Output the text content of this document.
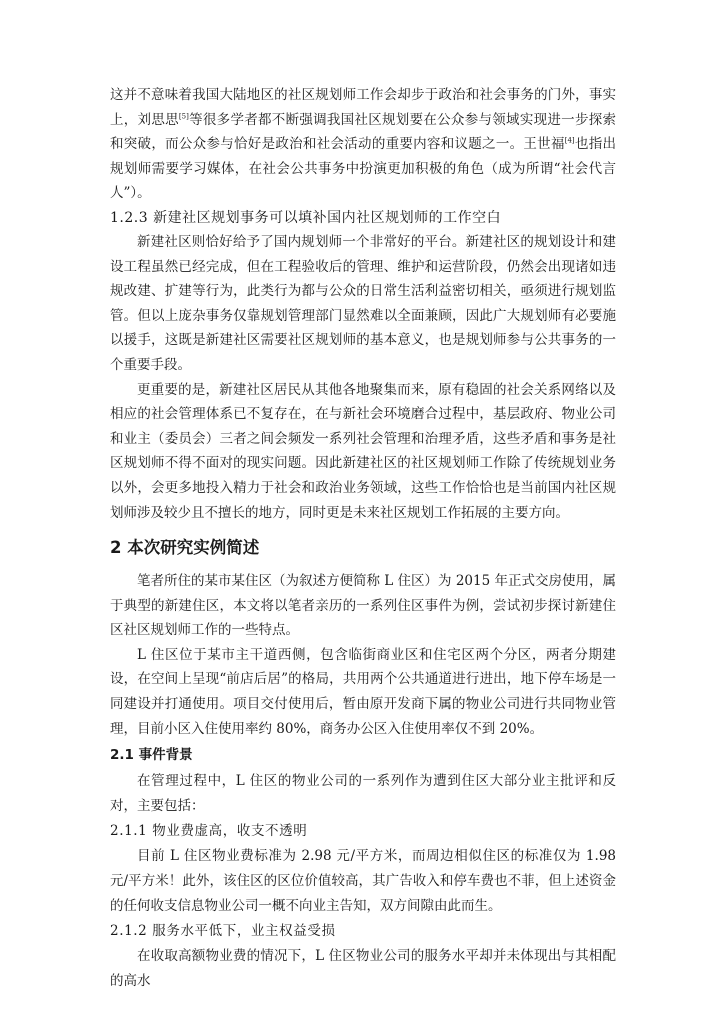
这并不意味着我国大陆地区的社区规划师工作会却步于政治和社会事务的门外，事实上，刘思思[5]等很多学者都不断强调我国社区规划要在公众参与领域实现进一步探索和突破，而公众参与恰好是政治和社会活动的重要内容和议题之一。王世福[4]也指出规划师需要学习媒体，在社会公共事务中扮演更加积极的角色（成为所谓“社会代言人”）。

1.2.3 新建社区规划事务可以填补国内社区规划师的工作空白

新建社区则恰好给予了国内规划师一个非常好的平台。新建社区的规划设计和建设工程虽然已经完成，但在工程验收后的管理、维护和运营阶段，仍然会出现诸如违规改建、扩建等行为，此类行为都与公众的日常生活利益密切相关，亟须进行规划监管。但以上庞杂事务仅靠规划管理部门显然难以全面兼顾，因此广大规划师有必要施以援手，这既是新建社区需要社区规划师的基本意义，也是规划师参与公共事务的一个重要手段。

更重要的是，新建社区居民从其他各地聚集而来，原有稳固的社会关系网络以及相应的社会管理体系已不复存在，在与新社会环境磨合过程中，基层政府、物业公司和业主（委员会）三者之间会频发一系列社会管理和治理矛盾，这些矛盾和事务是社区规划师不得不面对的现实问题。因此新建社区的社区规划师工作除了传统规划业务以外，会更多地投入精力于社会和政治业务领域，这些工作恰恰也是当前国内社区规划师涉及较少且不擅长的地方，同时更是未来社区规划工作拓展的主要方向。

2 本次研究实例简述

笔者所住的某市某住区（为叙述方便简称 L 住区）为 2015 年正式交房使用，属于典型的新建住区，本文将以笔者亲历的一系列住区事件为例，尝试初步探讨新建住区社区规划师工作的一些特点。

L 住区位于某市主干道西侧，包含临街商业区和住宅区两个分区，两者分期建设，在空间上呈现“前店后居”的格局，共用两个公共通道进行进出，地下停车场是一同建设并打通使用。项目交付使用后，暂由原开发商下属的物业公司进行共同物业管理，目前小区入住使用率约 80%，商务办公区入住使用率仅不到 20%。

2.1 事件背景

在管理过程中，L 住区的物业公司的一系列作为遭到住区大部分业主批评和反对，主要包括：

2.1.1 物业费虚高，收支不透明

目前 L 住区物业费标准为 2.98 元/平方米，而周边相似住区的标准仅为 1.98 元/平方米！此外，该住区的区位价值较高，其广告收入和停车费也不菲，但上述资金的任何收支信息物业公司一概不向业主告知，双方间隙由此而生。

2.1.2 服务水平低下，业主权益受损

在收取高额物业费的情况下，L 住区物业公司的服务水平却并未体现出与其相配的高水
